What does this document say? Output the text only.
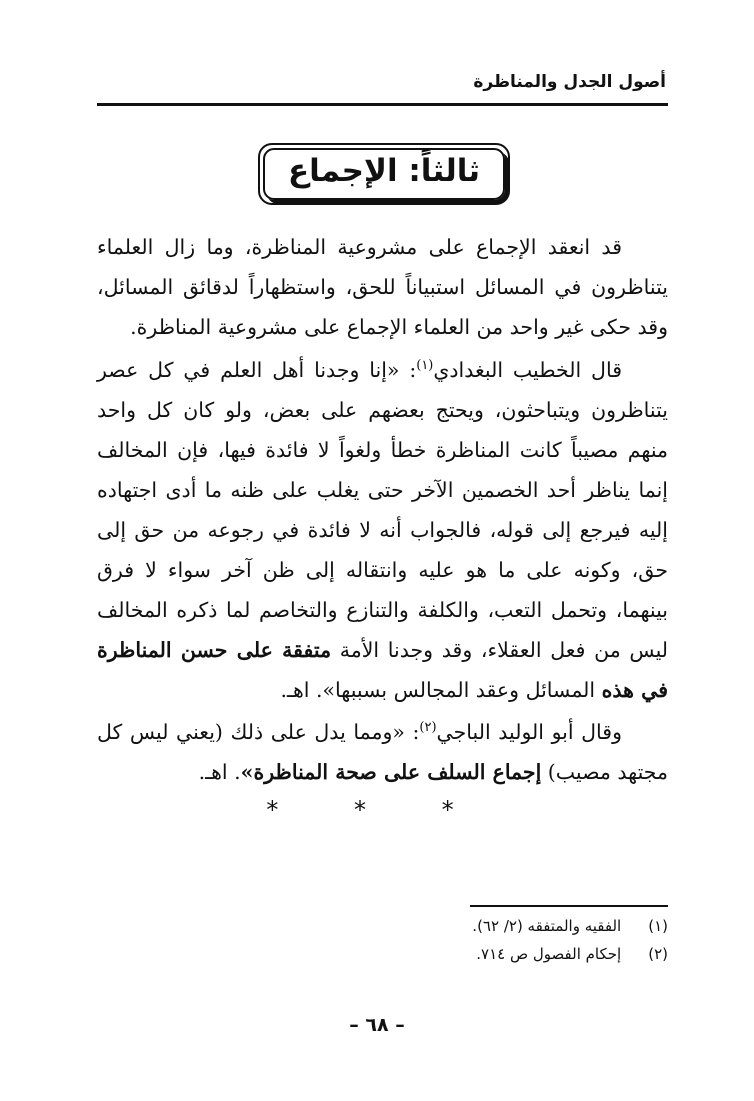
أصول الجدل والمناظرة
ثالثاً: الإجماع

قد انعقد الإجماع على مشروعية المناظرة، وما زال العلماء يتناظرون في المسائل استبياناً للحق، واستظهاراً لدقائق المسائل، وقد حكى غير واحد من العلماء الإجماع على مشروعية المناظرة.

قال الخطيب البغدادي$^{(١)}$: «إنا وجدنا أهل العلم في كل عصر يتناظرون ويتباحثون، ويحتج بعضهم على بعض، ولو كان كل واحد منهم مصيباً كانت المناظرة خطأ ولغواً لا فائدة فيها، فإن المخالف إنما يناظر أحد الخصمين الآخر حتى يغلب على ظنه ما أدى اجتهاده إليه فيرجع إلى قوله، فالجواب أنه لا فائدة في رجوعه من حق إلى حق، وكونه على ما هو عليه وانتقاله إلى ظن آخر سواء لا فرق بينهما، وتحمل التعب، والكلفة والتنازع والتخاصم لما ذكره المخالف ليس من فعل العقلاء، وقد وجدنا الأمة متفقة على حسن المناظرة في هذه المسائل وعقد المجالس بسببها». اهـ.

وقال أبو الوليد الباجي$^{(٢)}$: «ومما يدل على ذلك (يعني ليس كل مجتهد مصيب) إجماع السلف على صحة المناظرة». اهـ.

* * *
(١) الفقيه والمتفقه (٢/ ٦٢).
(٢) إحكام الفصول ص ٧١٤.
– ٦٨ –
